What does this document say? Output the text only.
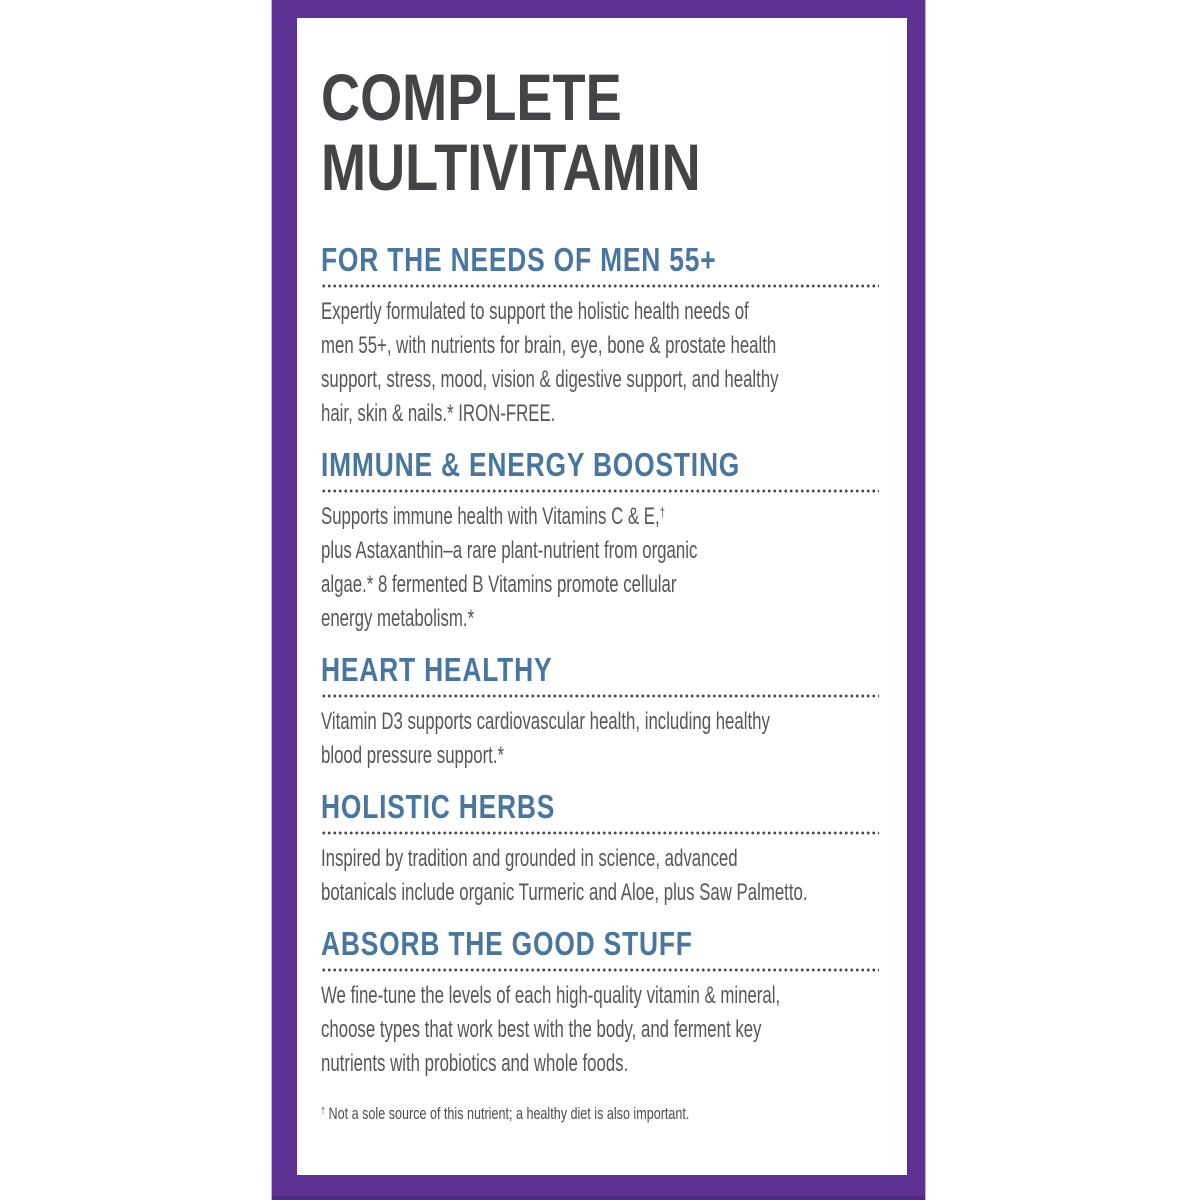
COMPLETE
MULTIVITAMIN
FOR THE NEEDS OF MEN 55+
Expertly formulated to support the holistic health needs of
men 55+, with nutrients for brain, eye, bone & prostate health
support, stress, mood, vision & digestive support, and healthy
hair, skin & nails.* IRON-FREE.
IMMUNE & ENERGY BOOSTING
Supports immune health with Vitamins C & E,†
plus Astaxanthin–a rare plant-nutrient from organic
algae.* 8 fermented B Vitamins promote cellular
energy metabolism.*
HEART HEALTHY
Vitamin D3 supports cardiovascular health, including healthy
blood pressure support.*
HOLISTIC HERBS
Inspired by tradition and grounded in science, advanced
botanicals include organic Turmeric and Aloe, plus Saw Palmetto.
ABSORB THE GOOD STUFF
We fine-tune the levels of each high-quality vitamin & mineral,
choose types that work best with the body, and ferment key
nutrients with probiotics and whole foods.

† Not a sole source of this nutrient; a healthy diet is also important.
